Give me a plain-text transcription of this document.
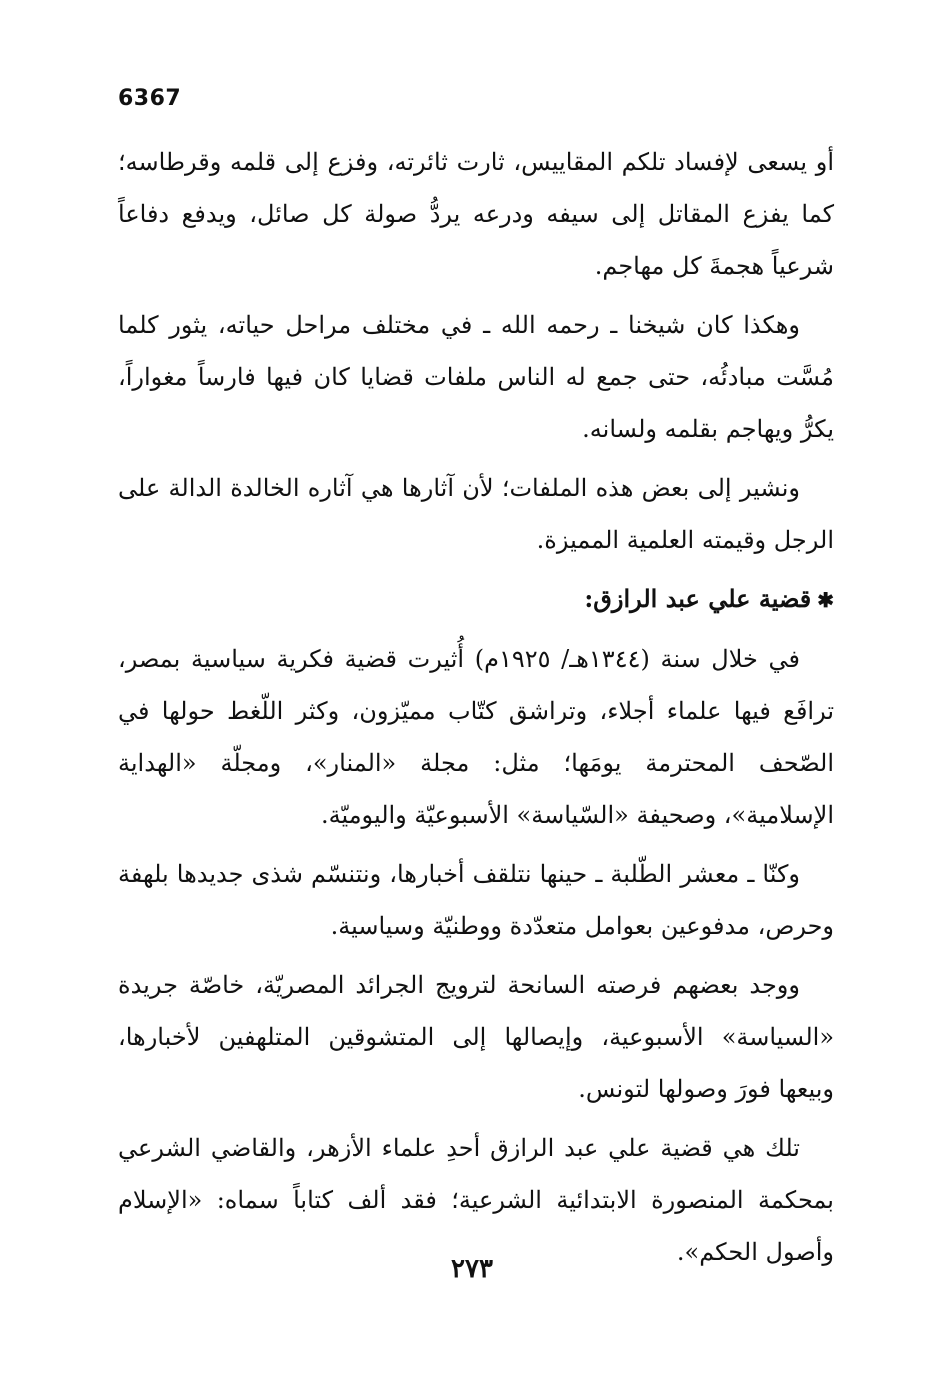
6367

أو يسعى لإفساد تلكم المقاييس، ثارت ثائرته، وفزع إلى قلمه وقرطاسه؛ كما يفزع المقاتل إلى سيفه ودرعه يردُّ صولة كل صائل، ويدفع دفاعاً شرعياً هجمةَ كل مهاجم.

وهكذا كان شيخنا ـ رحمه الله ـ في مختلف مراحل حياته، يثور كلما مُسَّت مبادئُه، حتى جمع له الناس ملفات قضايا كان فيها فارساً مغواراً، يكرُّ ويهاجم بقلمه ولسانه.

ونشير إلى بعض هذه الملفات؛ لأن آثارها هي آثاره الخالدة الدالة على الرجل وقيمته العلمية المميزة.

✱قضية علي عبد الرازق:

في خلال سنة (١٣٤٤هـ/ ١٩٢٥م) أُثيرت قضية فكرية سياسية بمصر، ترافَع فيها علماء أجلاء، وتراشق كتّاب مميّزون، وكثر اللّغط حولها في الصّحف المحترمة يومَها؛ مثل: مجلة «المنار»، ومجلّة «الهداية الإسلامية»، وصحيفة «السّياسة» الأسبوعيّة واليوميّة.

وكنّا ـ معشر الطّلبة ـ حينها نتلقف أخبارها، ونتنسّم شذى جديدها بلهفة وحرص، مدفوعين بعوامل متعدّدة ووطنيّة وسياسية.

ووجد بعضهم فرصته السانحة لترويج الجرائد المصريّة، خاصّة جريدة «السياسة» الأسبوعية، وإيصالها إلى المتشوقين المتلهفين لأخبارها، وبيعها فورَ وصولها لتونس.

تلك هي قضية علي عبد الرازق أحدِ علماء الأزهر، والقاضي الشرعي بمحكمة المنصورة الابتدائية الشرعية؛ فقد ألف كتاباً سماه: «الإسلام وأصول الحكم».

٢٧٣
